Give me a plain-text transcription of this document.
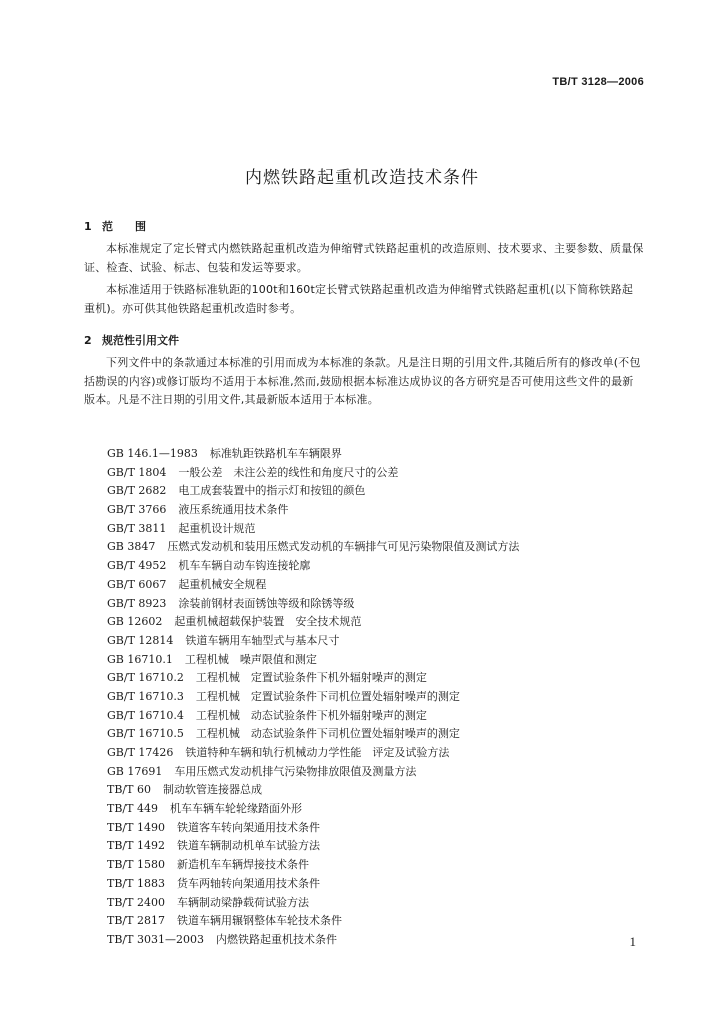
TB/T 3128—2006
内燃铁路起重机改造技术条件
1 范　　围
本标准规定了定长臂式内燃铁路起重机改造为伸缩臂式铁路起重机的改造原则、技术要求、主要参数、质量保证、检查、试验、标志、包装和发运等要求。
本标准适用于铁路标准轨距的100t和160t定长臂式铁路起重机改造为伸缩臂式铁路起重机(以下简称铁路起重机)。亦可供其他铁路起重机改造时参考。
2 规范性引用文件
下列文件中的条款通过本标准的引用而成为本标准的条款。凡是注日期的引用文件,其随后所有的修改单(不包括勘误的内容)或修订版均不适用于本标准,然而,鼓励根据本标准达成协议的各方研究是否可使用这些文件的最新版本。凡是不注日期的引用文件,其最新版本适用于本标准。
GB 146.1—1983 标准轨距铁路机车车辆限界
GB/T 1804 一般公差　未注公差的线性和角度尺寸的公差
GB/T 2682 电工成套装置中的指示灯和按钮的颜色
GB/T 3766 液压系统通用技术条件
GB/T 3811 起重机设计规范
GB 3847 压燃式发动机和装用压燃式发动机的车辆排气可见污染物限值及测试方法
GB/T 4952 机车车辆自动车钩连接轮廓
GB/T 6067 起重机械安全规程
GB/T 8923 涂装前钢材表面锈蚀等级和除锈等级
GB 12602 起重机械超载保护装置　安全技术规范
GB/T 12814 铁道车辆用车轴型式与基本尺寸
GB 16710.1 工程机械　噪声限值和测定
GB/T 16710.2 工程机械　定置试验条件下机外辐射噪声的测定
GB/T 16710.3 工程机械　定置试验条件下司机位置处辐射噪声的测定
GB/T 16710.4 工程机械　动态试验条件下机外辐射噪声的测定
GB/T 16710.5 工程机械　动态试验条件下司机位置处辐射噪声的测定
GB/T 17426 铁道特种车辆和轨行机械动力学性能　评定及试验方法
GB 17691 车用压燃式发动机排气污染物排放限值及测量方法
TB/T 60 制动软管连接器总成
TB/T 449 机车车辆车轮轮缘踏面外形
TB/T 1490 铁道客车转向架通用技术条件
TB/T 1492 铁道车辆制动机单车试验方法
TB/T 1580 新造机车车辆焊接技术条件
TB/T 1883 货车两轴转向架通用技术条件
TB/T 2400 车辆制动梁静载荷试验方法
TB/T 2817 铁道车辆用辗钢整体车轮技术条件
TB/T 3031—2003 内燃铁路起重机技术条件	1
